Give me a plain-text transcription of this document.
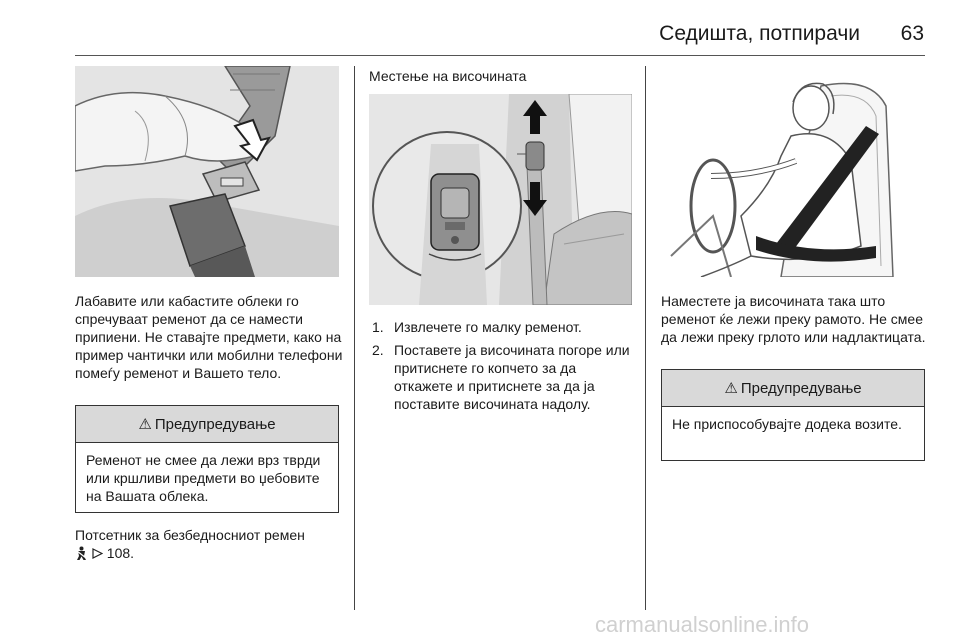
Седишта, потпирачи	63

Лабавите или кабастите облеки го спречуваат ременот да се намести припиени. Не ставајте предмети, како на пример чантички или мобилни телефони помеѓу ременот и Вашето тело.

⚠ Предупредување
Ременот не смее да лежи врз тврди или кршливи предмети во џебовите на Вашата облека.

Потсетник за безбедносниот ремен
108.

Местење на височината
1. Извлечете го малку ременот.
2. Поставете ја височината погоре или притиснете го копчето за да откажете и притиснете за да ја поставите височината надолу.

Наместете ја височината така што ременот ќе лежи преку рамото. Не смее да лежи преку грлото или надлактицата.

⚠ Предупредување
Не приспособувајте додека возите.
carmanualsonline.info
